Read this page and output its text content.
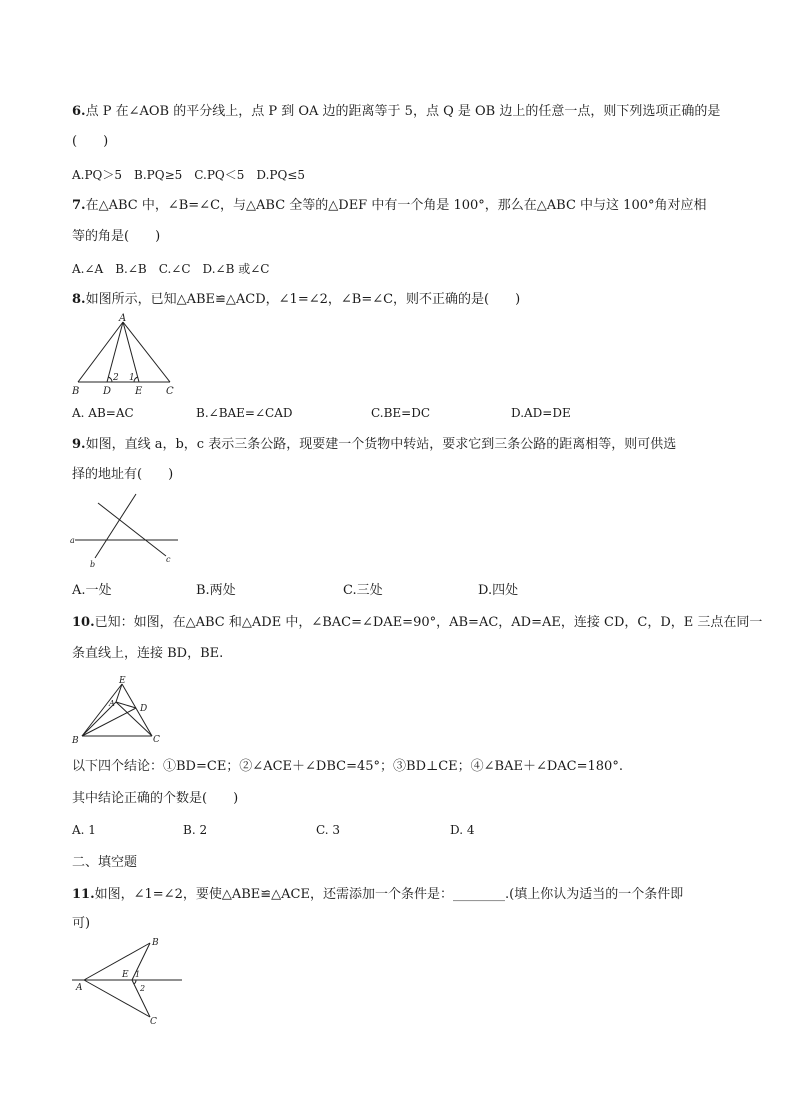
6.点 P 在∠AOB 的平分线上，点 P 到 OA 边的距离等于 5，点 Q 是 OB 边上的任意一点，则下列选项正确的是
(　　)
A.PQ＞5　B.PQ≥5　C.PQ＜5　D.PQ≤5
7.在△ABC 中，∠B=∠C，与△ABC 全等的△DEF 中有一个角是 100°，那么在△ABC 中与这 100°角对应相
等的角是(　　)
A.∠A　B.∠B　C.∠C　D.∠B 或∠C
8.如图所示，已知△ABE≌△ACD，∠1=∠2，∠B=∠C，则不正确的是(　　)
A
B D E C
2 1
A. AB=AC	B.∠BAE=∠CAD	C.BE=DC	D.AD=DE
9.如图，直线 a，b，c 表示三条公路，现要建一个货物中转站，要求它到三条公路的距离相等，则可供选
择的地址有(　　)
a
b
c
A.一处	B.两处	C.三处	D.四处
10.已知：如图，在△ABC 和△ADE 中，∠BAC=∠DAE=90°，AB=AC，AD=AE，连接 CD，C，D，E 三点在同一
条直线上，连接 BD，BE.
E
A
D
B	C
以下四个结论：①BD=CE；②∠ACE＋∠DBC=45°；③BD⊥CE；④∠BAE＋∠DAC=180°.
其中结论正确的个数是(　　)
A. 1	B. 2	C. 3	D. 4
二、填空题
11.如图，∠1=∠2，要使△ABE≌△ACE，还需添加一个条件是：________.(填上你认为适当的一个条件即
可)
B
E 1
2
A
C
